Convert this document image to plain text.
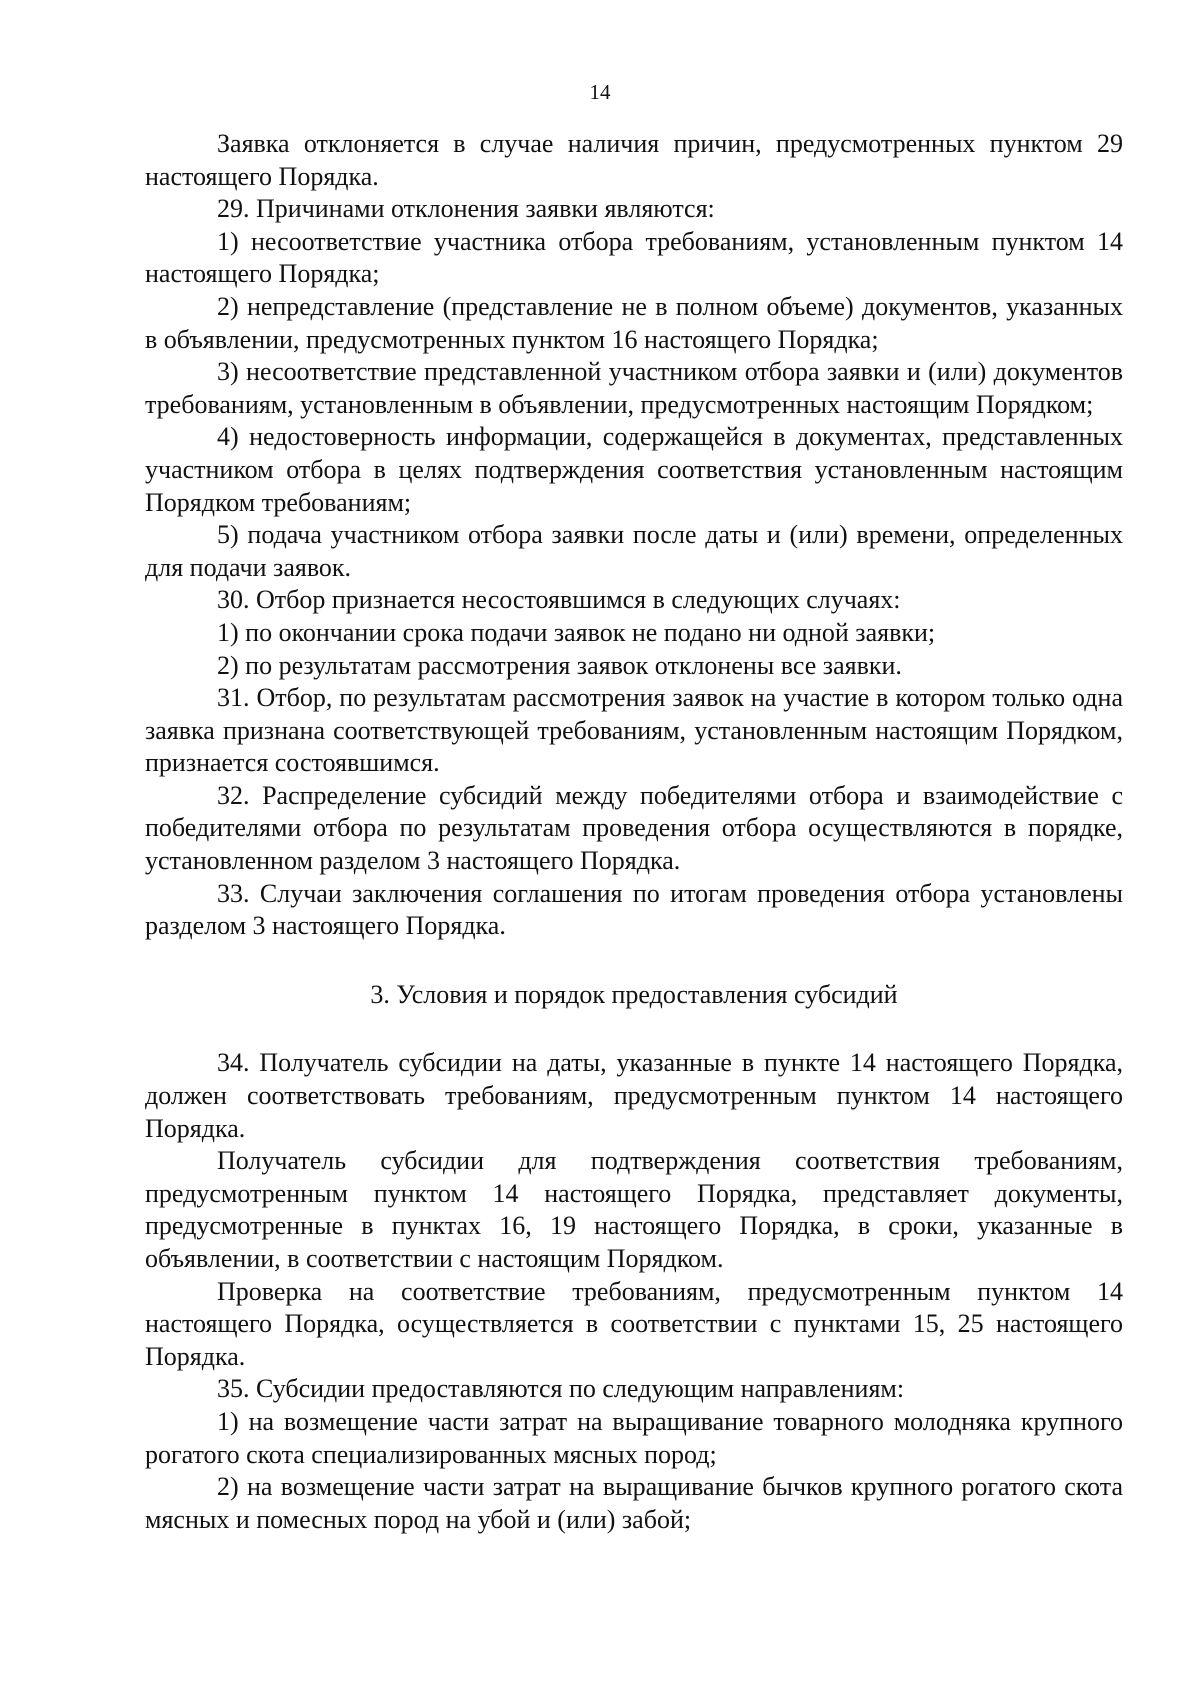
14

Заявка отклоняется в случае наличия причин, предусмотренных пунктом 29 настоящего Порядка.

29. Причинами отклонения заявки являются:

1) несоответствие участника отбора требованиям, установленным пунктом 14 настоящего Порядка;

2) непредставление (представление не в полном объеме) документов, указанных в объявлении, предусмотренных пунктом 16 настоящего Порядка;

3) несоответствие представленной участником отбора заявки и (или) документов требованиям, установленным в объявлении, предусмотренных настоящим Порядком;

4) недостоверность информации, содержащейся в документах, представленных участником отбора в целях подтверждения соответствия установленным настоящим Порядком требованиям;

5) подача участником отбора заявки после даты и (или) времени, определенных для подачи заявок.

30. Отбор признается несостоявшимся в следующих случаях:

1) по окончании срока подачи заявок не подано ни одной заявки;

2) по результатам рассмотрения заявок отклонены все заявки.

31. Отбор, по результатам рассмотрения заявок на участие в котором только одна заявка признана соответствующей требованиям, установленным настоящим Порядком, признается состоявшимся.

32. Распределение субсидий между победителями отбора и взаимодействие с победителями отбора по результатам проведения отбора осуществляются в порядке, установленном разделом 3 настоящего Порядка.

33. Случаи заключения соглашения по итогам проведения отбора установлены разделом 3 настоящего Порядка.

3. Условия и порядок предоставления субсидий

34. Получатель субсидии на даты, указанные в пункте 14 настоящего Порядка, должен соответствовать требованиям, предусмотренным пунктом 14 настоящего Порядка.

Получатель субсидии для подтверждения соответствия требованиям, предусмотренным пунктом 14 настоящего Порядка, представляет документы, предусмотренные в пунктах 16, 19 настоящего Порядка, в сроки, указанные в объявлении, в соответствии с настоящим Порядком.

Проверка на соответствие требованиям, предусмотренным пунктом 14 настоящего Порядка, осуществляется в соответствии с пунктами 15, 25 настоящего Порядка.

35. Субсидии предоставляются по следующим направлениям:

1) на возмещение части затрат на выращивание товарного молодняка крупного рогатого скота специализированных мясных пород;

2) на возмещение части затрат на выращивание бычков крупного рогатого скота мясных и помесных пород на убой и (или) забой;
